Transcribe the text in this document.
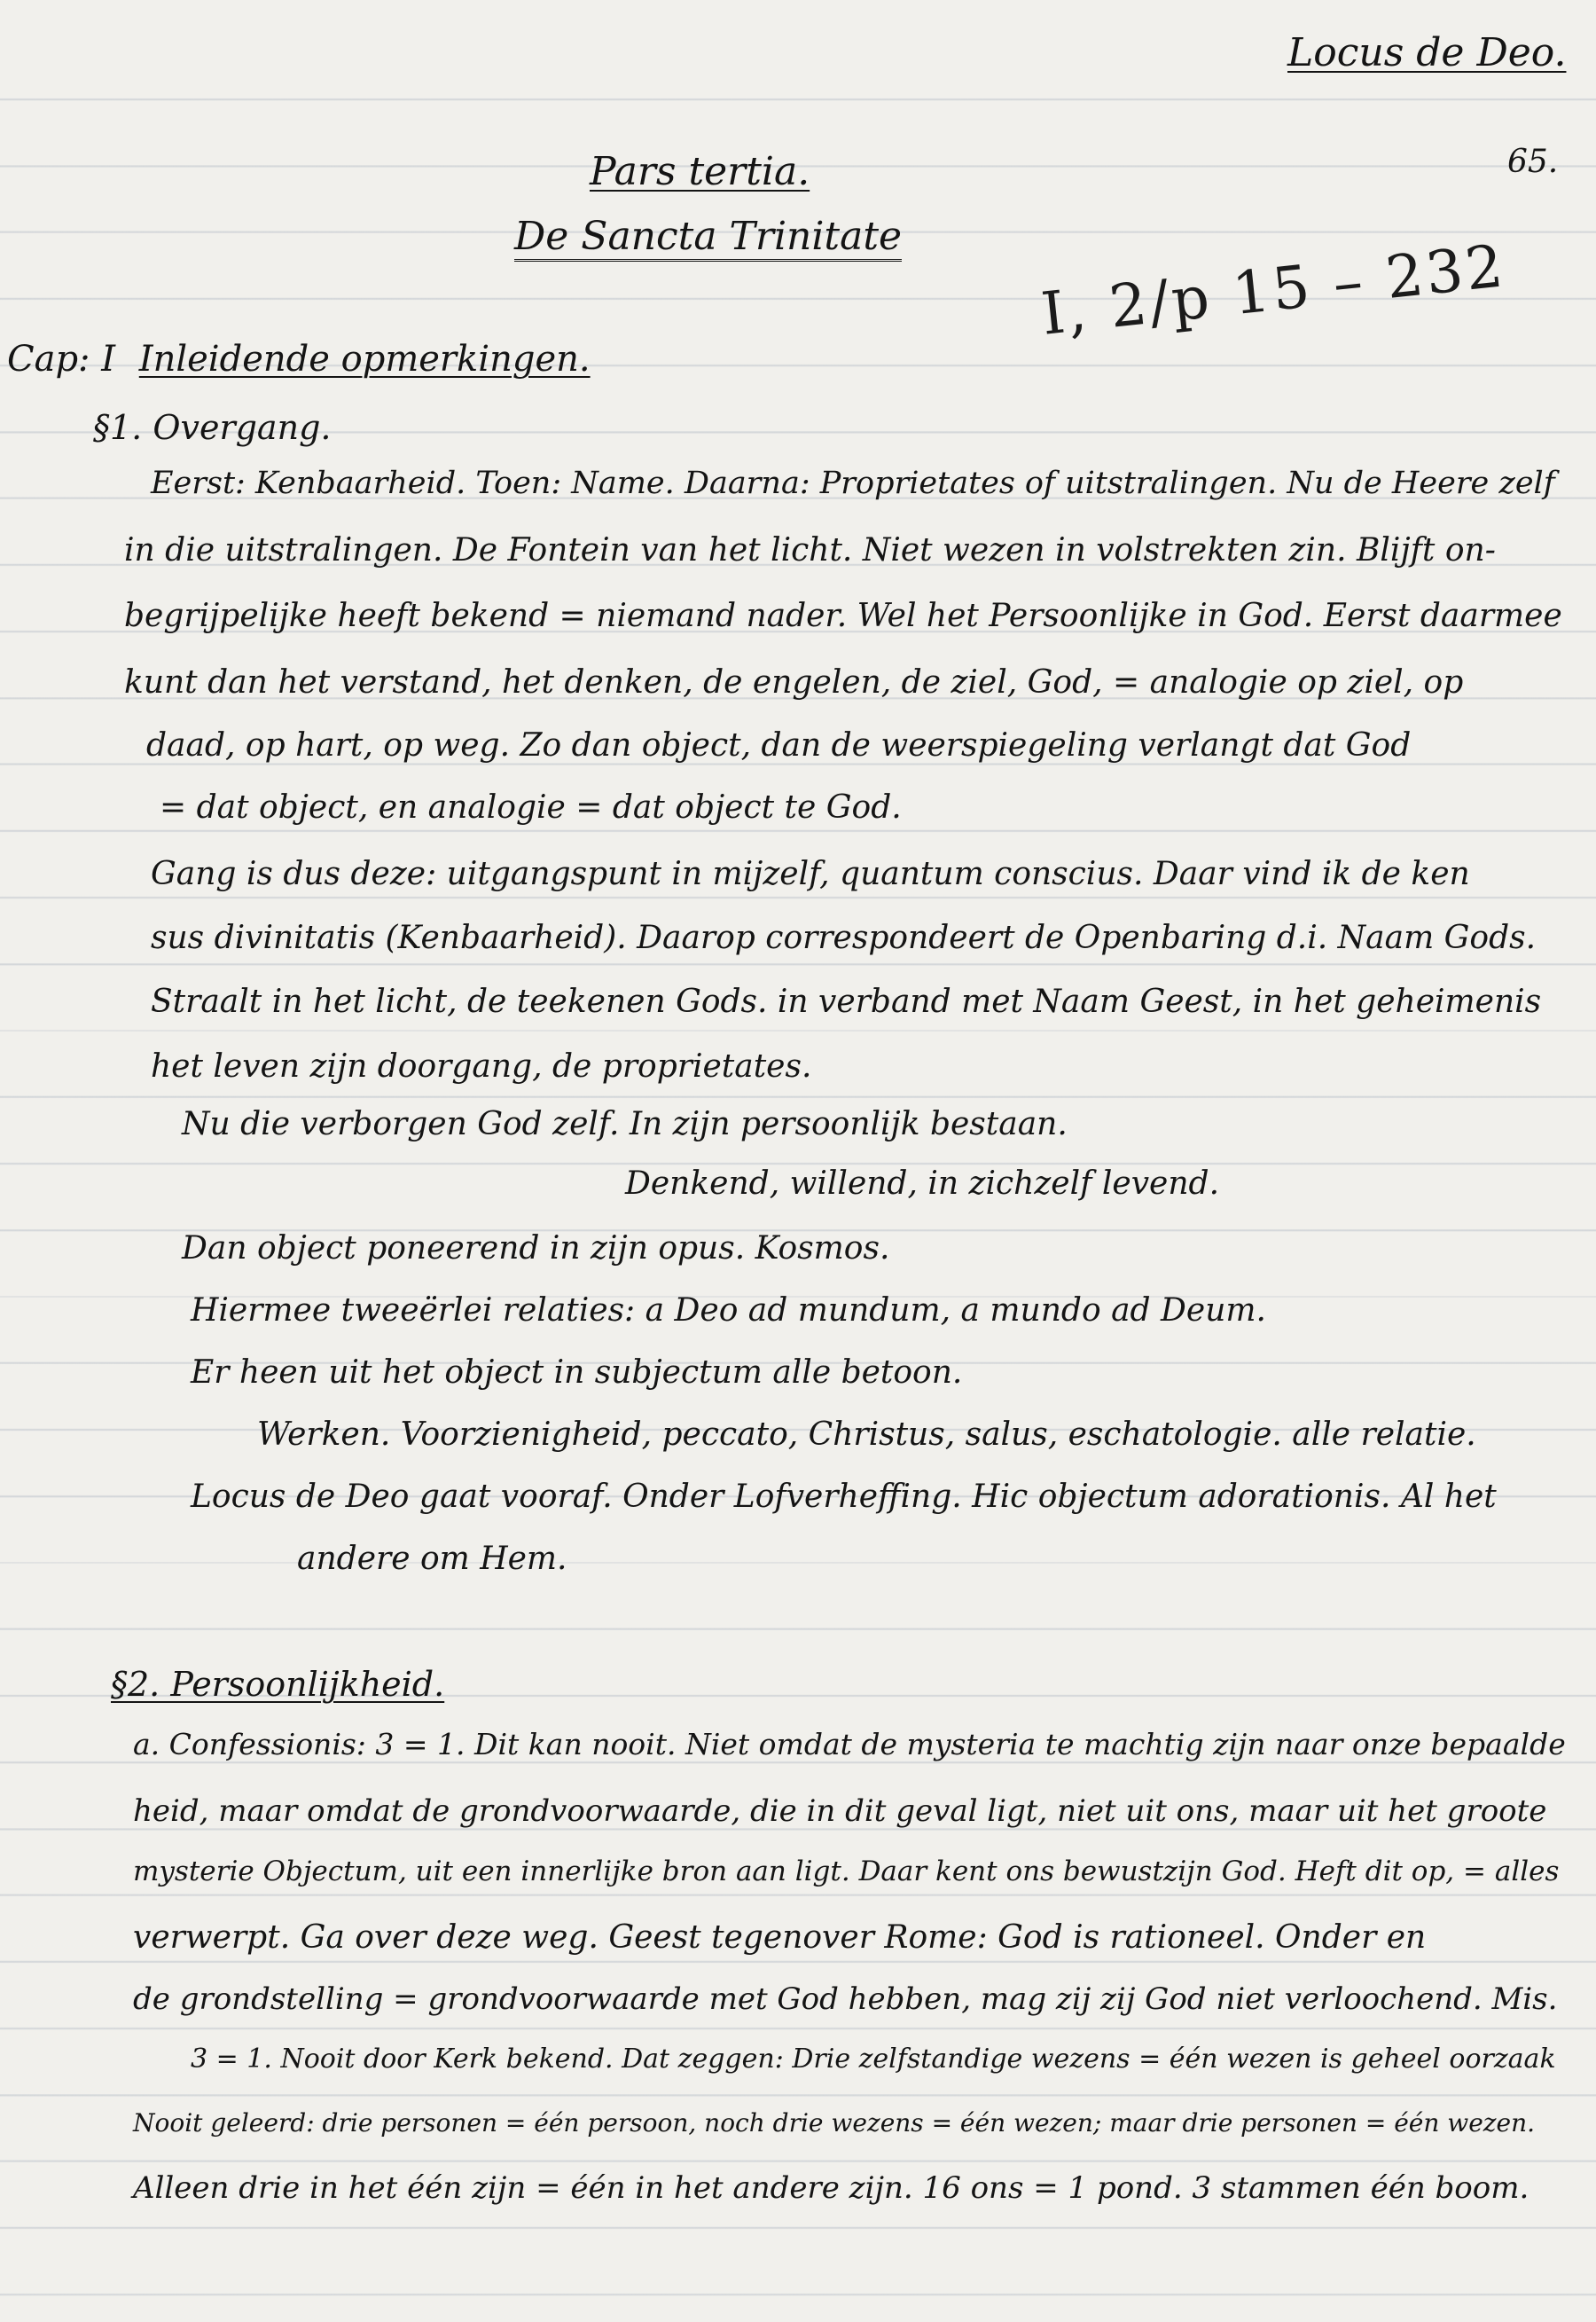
Locus de Deo.
65.
Pars tertia.
De Sancta Trinitate I, 2/p 15 – 232
Cap: I Inleidende opmerkingen.
§1. Overgang.
Eerst: Kenbaarheid. Toen: Name. Daarna: Proprietates of uitstralingen. Nu de Heere zelf
in die uitstralingen. De Fontein van het licht. Niet wezen in volstrekten zin. Blijft on-
begrijpelijke heeft bekend = niemand nader. Wel het Persoonlijke in God. Eerst daarmee
kunt dan het verstand, het denken, de engelen, de ziel, God, = analogie op ziel, op
daad, op hart, op weg. Zo dan object, dan de weerspiegeling verlangt dat God
= dat object, en analogie = dat object te God.
Gang is dus deze: uitgangspunt in mijzelf, quantum conscius. Daar vind ik de ken
sus divinitatis (Kenbaarheid). Daarop correspondeert de Openbaring d.i. Naam Gods.
Straalt in het licht, de teekenen Gods. in verband met Naam Geest, in het geheimenis
het leven zijn doorgang, de proprietates.
Nu die verborgen God zelf. In zijn persoonlijk bestaan.
Denkend, willend, in zichzelf levend.
Dan object poneerend in zijn opus. Kosmos.
Hiermee tweeërlei relaties: a Deo ad mundum, a mundo ad Deum.
Er heen uit het object in subjectum alle betoon.
Werken. Voorzienigheid, peccato, Christus, salus, eschatologie. alle relatie.
Locus de Deo gaat vooraf. Onder Lofverheffing. Hic objectum adorationis. Al het
andere om Hem.
§2. Persoonlijkheid.
a. Confessionis: 3 = 1. Dit kan nooit. Niet omdat de mysteria te machtig zijn naar onze bepaalde
heid, maar omdat de grondvoorwaarde, die in dit geval ligt, niet uit ons, maar uit het groote
mysterie Objectum, uit een innerlijke bron aan ligt. Daar kent ons bewustzijn God. Heft dit op, = alles
verwerpt. Ga over deze weg. Geest tegenover Rome: God is rationeel. Onder en
de grondstelling = grondvoorwaarde met God hebben, mag zij zij God niet verloochend. Mis.
3 = 1. Nooit door Kerk bekend. Dat zeggen: Drie zelfstandige wezens = één wezen is geheel oorzaak
Nooit geleerd: drie personen = één persoon, noch drie wezens = één wezen; maar drie personen = één wezen.
Alleen drie in het één zijn = één in het andere zijn. 16 ons = 1 pond. 3 stammen één boom.
